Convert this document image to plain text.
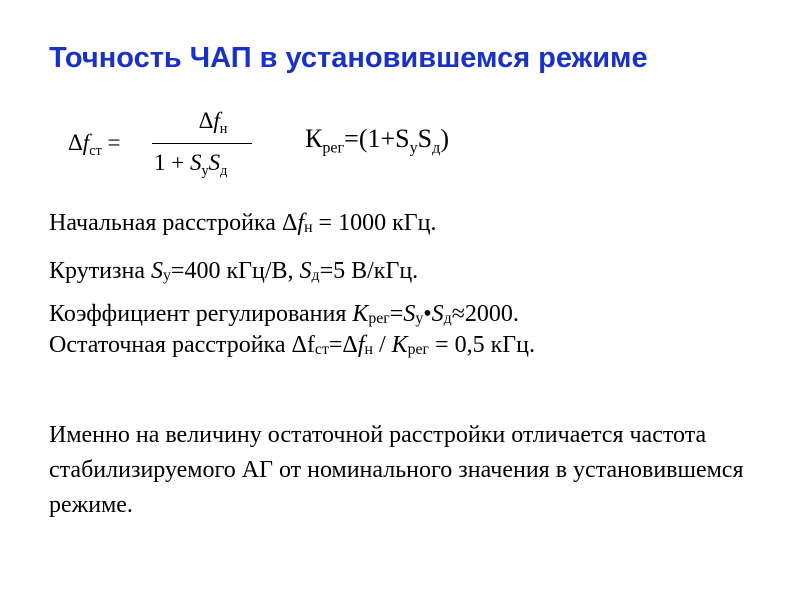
Точность ЧАП в установившемся режиме
$\Delta f_{ст}$ =
$\Delta f_н$
$1 + S_уS_д$
$К_{рег}=(1+S_уS_д)$
Начальная расстройка Δfн = 1000 кГц.
Крутизна Sу=400 кГц/В, Sд=5 В/кГц.
Коэффициент регулирования Крег=Sу•Sд≈2000.
Остаточная расстройка Δfст=Δfн / Крег = 0,5 кГц.
Именно на величину остаточной расстройки отличается частота стабилизируемого АГ от номинального значения в установившемся режиме.
